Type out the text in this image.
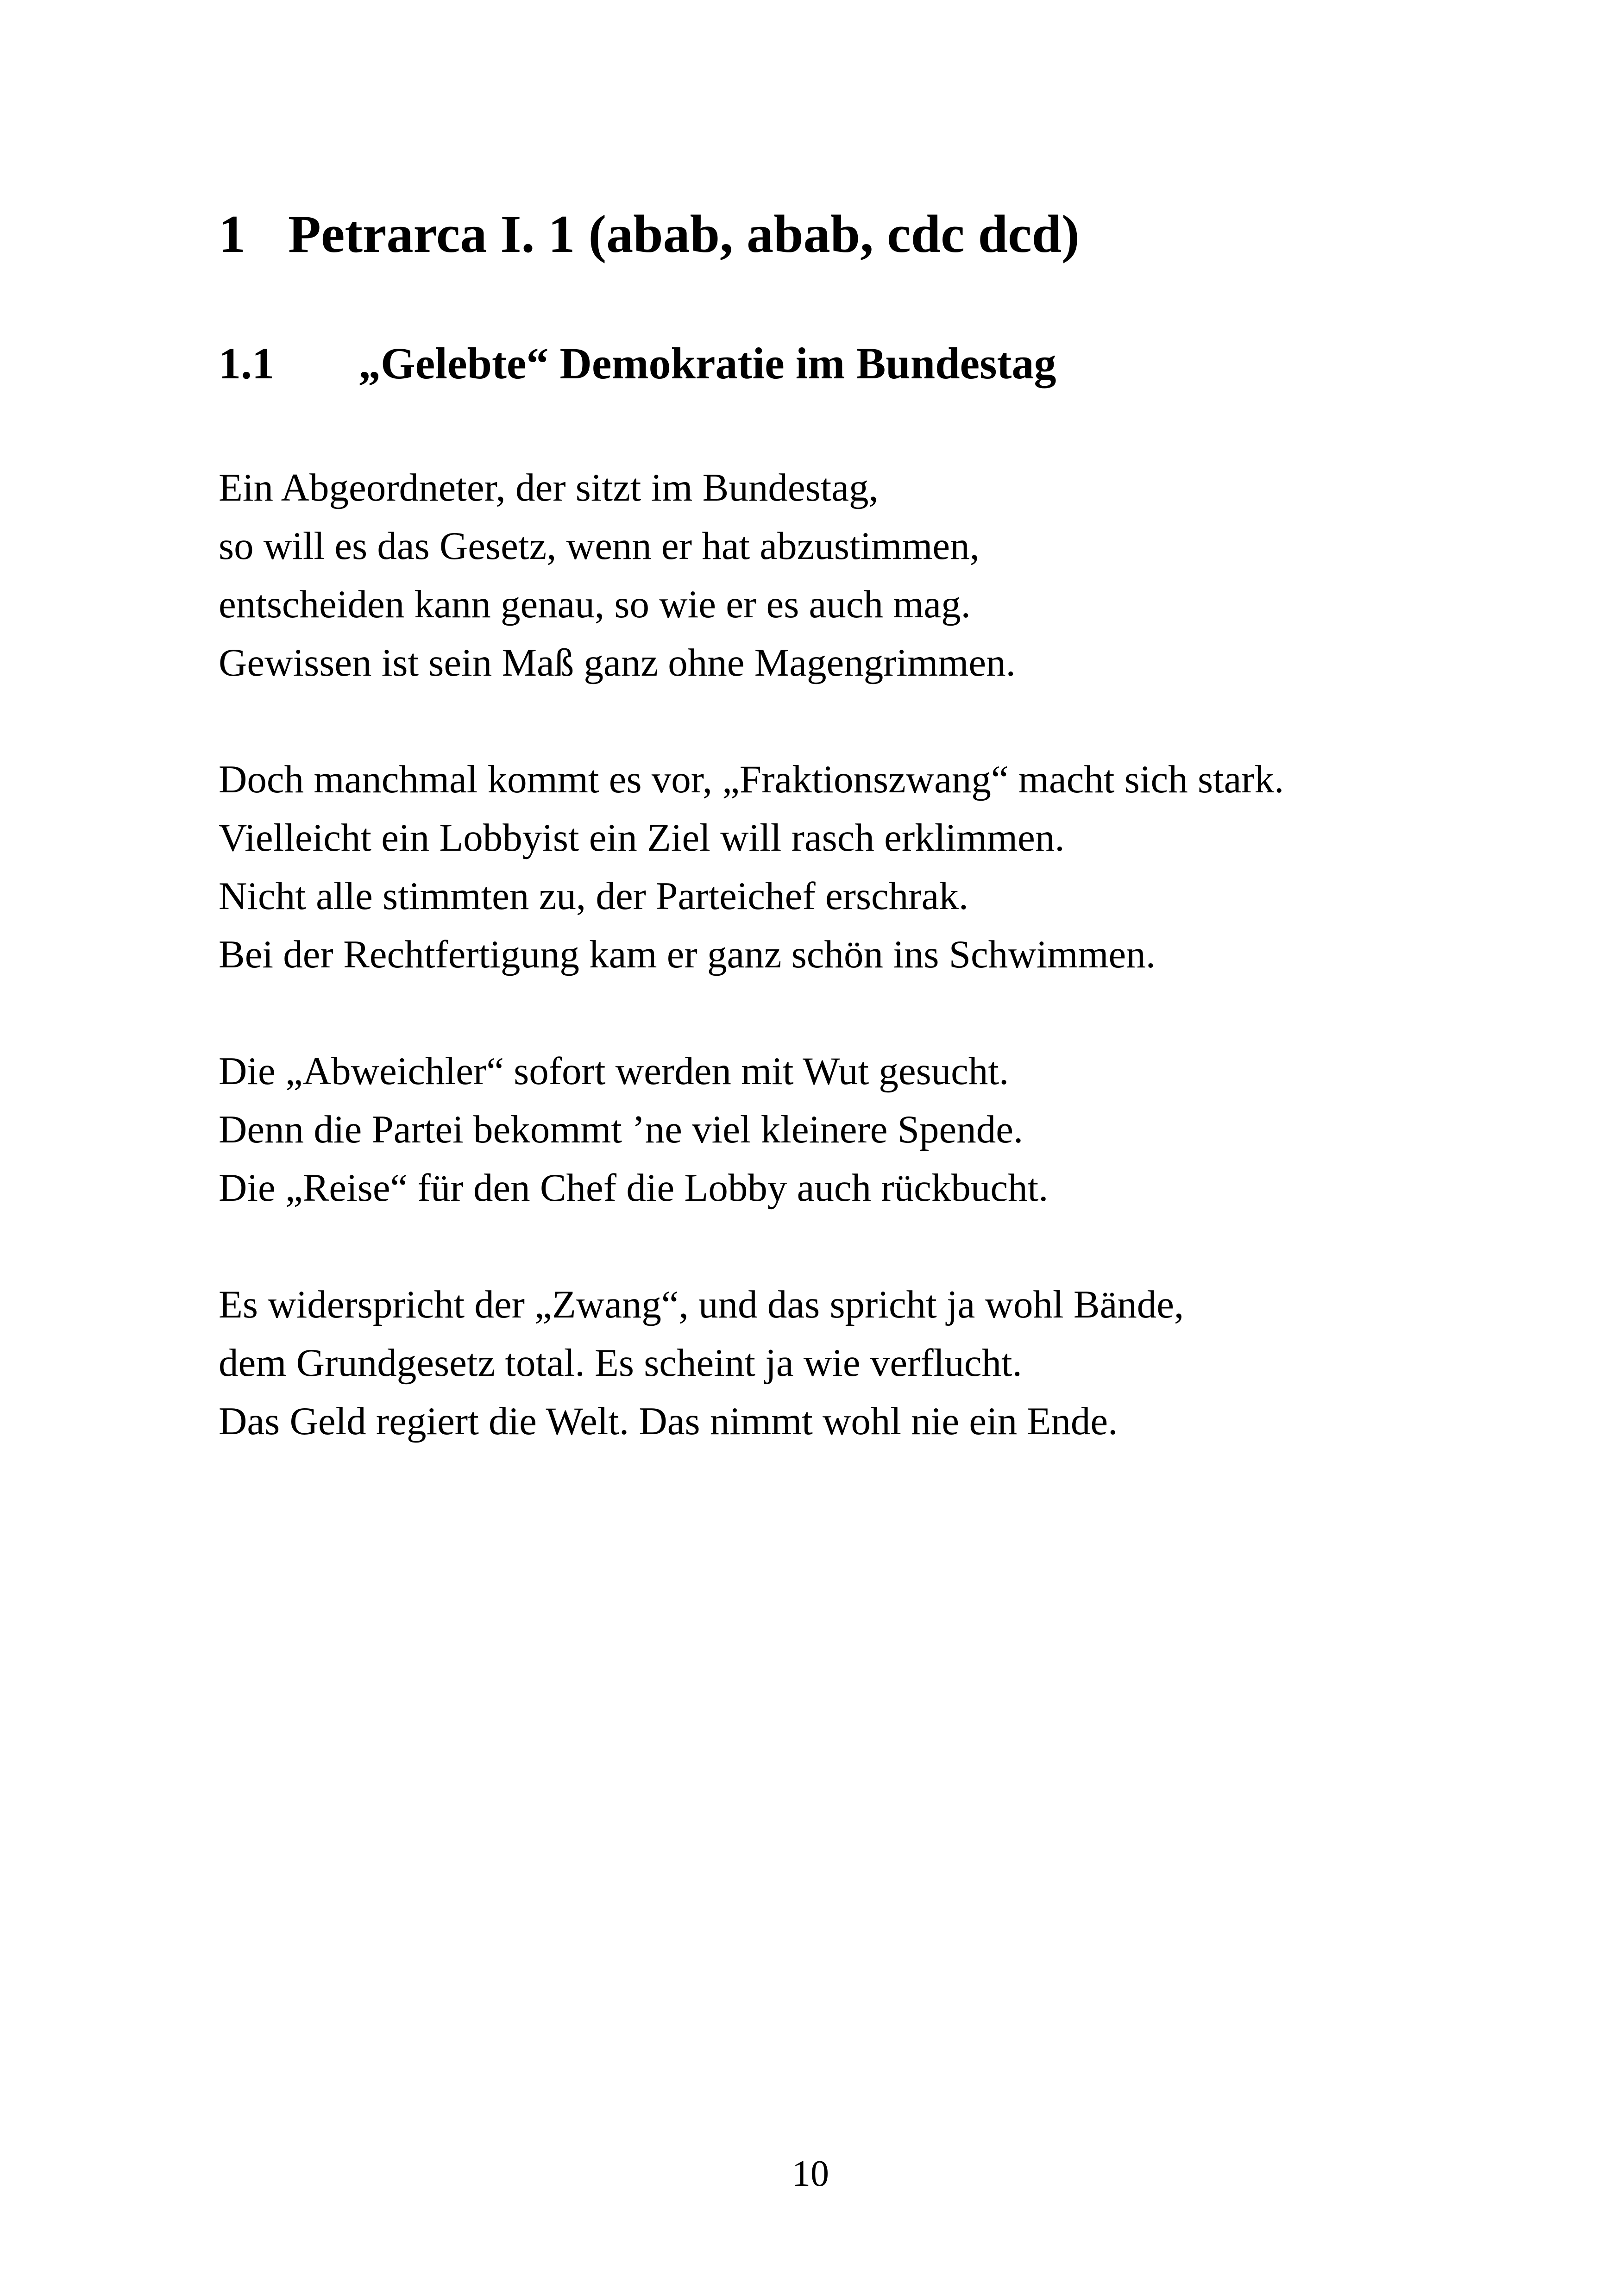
1 Petrarca I. 1 (abab, abab, cdc dcd)
1.1 „Gelebte“ Demokratie im Bundestag
Ein Abgeordneter, der sitzt im Bundestag,
so will es das Gesetz, wenn er hat abzustimmen,
entscheiden kann genau, so wie er es auch mag.
Gewissen ist sein Maß ganz ohne Magengrimmen.
Doch manchmal kommt es vor, „Fraktionszwang“ macht sich stark.
Vielleicht ein Lobbyist ein Ziel will rasch erklimmen.
Nicht alle stimmten zu, der Parteichef erschrak.
Bei der Rechtfertigung kam er ganz schön ins Schwimmen.
Die „Abweichler“ sofort werden mit Wut gesucht.
Denn die Partei bekommt ’ne viel kleinere Spende.
Die „Reise“ für den Chef die Lobby auch rückbucht.
Es widerspricht der „Zwang“, und das spricht ja wohl Bände,
dem Grundgesetz total. Es scheint ja wie verflucht.
Das Geld regiert die Welt. Das nimmt wohl nie ein Ende.
10
